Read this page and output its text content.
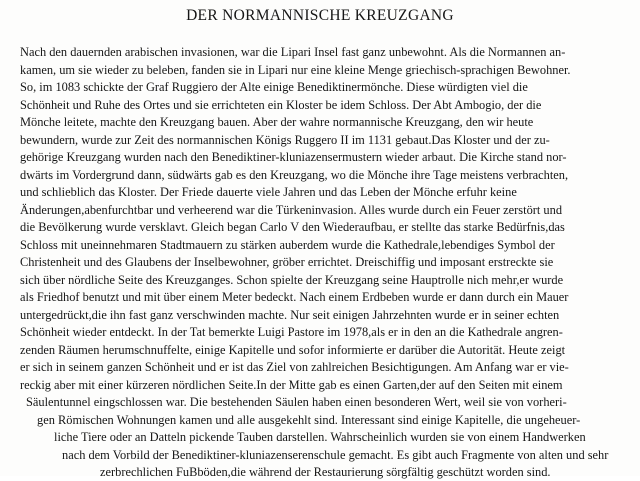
DER NORMANNISCHE KREUZGANG
Nach den dauernden arabischen invasionen, war die Lipari Insel fast ganz unbewohnt. Als die Normannen an-
kamen, um sie wieder zu beleben, fanden sie in Lipari nur eine kleine Menge griechisch-sprachigen Bewohner.
So, im 1083 schickte der Graf Ruggiero der Alte einige Benediktinermönche. Diese würdigten viel die
Schönheit und Ruhe des Ortes und sie errichteten ein Kloster be idem Schloss. Der Abt Ambogio, der die
Mönche leitete, machte den Kreuzgang bauen. Aber der wahre normannische Kreuzgang, den wir heute
bewundern, wurde zur Zeit des normannischen Königs Ruggero II im 1131 gebaut.Das Kloster und der zu-
gehörige Kreuzgang wurden nach den Benediktiner-kluniazensermustern wieder arbaut. Die Kirche stand nor-
dwärts im Vordergrund dann, südwärts gab es den Kreuzgang, wo die Mönche ihre Tage meistens verbrachten,
und schlieblich das Kloster. Der Friede dauerte viele Jahren und das Leben der Mönche erfuhr keine
Änderungen,abenfurchtbar und verheerend war die Türkeninvasion. Alles wurde durch ein Feuer zerstört und
die Bevölkerung wurde versklavt. Gleich began Carlo V den Wiederaufbau, er stellte das starke Bedürfnis,das
Schloss mit uneinnehmaren Stadtmauern zu stärken auberdem wurde die Kathedrale,lebendiges Symbol der
Christenheit und des Glaubens der Inselbewohner, gröber errichtet. Dreischiffig und imposant erstreckte sie
sich über nördliche Seite des Kreuzganges. Schon spielte der Kreuzgang seine Hauptrolle nich mehr,er wurde
als Friedhof benutzt und mit über einem Meter bedeckt. Nach einem Erdbeben wurde er dann durch ein Mauer
untergedrückt,die ihn fast ganz verschwinden machte. Nur seit einigen Jahrzehnten wurde er in seiner echten
Schönheit wieder entdeckt. In der Tat bemerkte Luigi Pastore im 1978,als er in den an die Kathedrale angren-
zenden Räumen herumschnuffelte, einige Kapitelle und sofor informierte er darüber die Autorität. Heute zeigt
er sich in seinem ganzen Schönheit und er ist das Ziel von zahlreichen Besichtigungen. Am Anfang war er vie-
reckig aber mit einer kürzeren nördlichen Seite.In der Mitte gab es einen Garten,der auf den Seiten mit einem
Säulentunnel eingschlossen war. Die bestehenden Säulen haben einen besonderen Wert, weil sie von vorheri-
gen Römischen Wohnungen kamen und alle ausgekehlt sind. Interessant sind einige Kapitelle, die ungeheuer-
liche Tiere oder an Datteln pickende Tauben darstellen. Wahrscheinlich wurden sie von einem Handwerken
nach dem Vorbild der Benediktiner-kluniazenserenschule gemacht. Es gibt auch Fragmente von alten und sehr
zerbrechlichen FuBböden,die während der Restaurierung sörgfältig geschützt worden sind.
